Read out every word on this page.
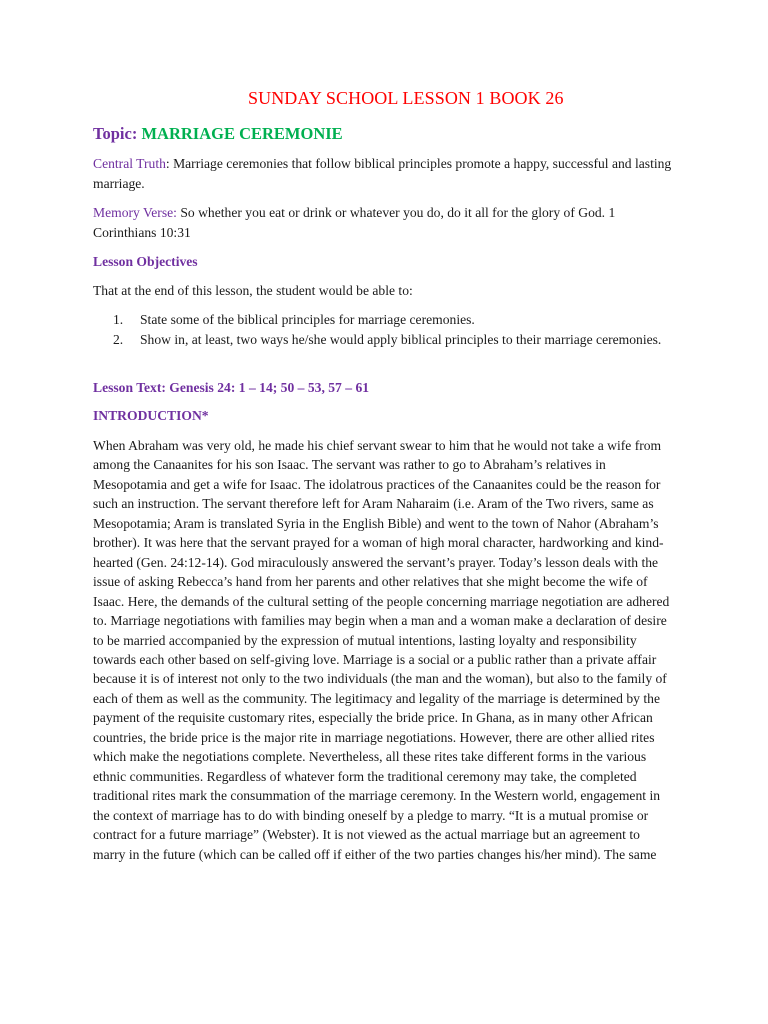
SUNDAY SCHOOL LESSON 1 BOOK 26

Topic: MARRIAGE CEREMONIE

Central Truth: Marriage ceremonies that follow biblical principles promote a happy, successful and lasting marriage.

Memory Verse: So whether you eat or drink or whatever you do, do it all for the glory of God. 1 Corinthians 10:31

Lesson Objectives

That at the end of this lesson, the student would be able to:

1. State some of the biblical principles for marriage ceremonies.
2. Show in, at least, two ways he/she would apply biblical principles to their marriage ceremonies.

Lesson Text: Genesis 24: 1 – 14; 50 – 53, 57 – 61

INTRODUCTION*

When Abraham was very old, he made his chief servant swear to him that he would not take a wife from among the Canaanites for his son Isaac. The servant was rather to go to Abraham’s relatives in Mesopotamia and get a wife for Isaac. The idolatrous practices of the Canaanites could be the reason for such an instruction. The servant therefore left for Aram Naharaim (i.e. Aram of the Two rivers, same as Mesopotamia; Aram is translated Syria in the English Bible) and went to the town of Nahor (Abraham’s brother). It was here that the servant prayed for a woman of high moral character, hardworking and kind-hearted (Gen. 24:12-14). God miraculously answered the servant’s prayer. Today’s lesson deals with the issue of asking Rebecca’s hand from her parents and other relatives that she might become the wife of Isaac. Here, the demands of the cultural setting of the people concerning marriage negotiation are adhered to. Marriage negotiations with families may begin when a man and a woman make a declaration of desire to be married accompanied by the expression of mutual intentions, lasting loyalty and responsibility towards each other based on self-giving love. Marriage is a social or a public rather than a private affair because it is of interest not only to the two individuals (the man and the woman), but also to the family of each of them as well as the community. The legitimacy and legality of the marriage is determined by the payment of the requisite customary rites, especially the bride price. In Ghana, as in many other African countries, the bride price is the major rite in marriage negotiations. However, there are other allied rites which make the negotiations complete. Nevertheless, all these rites take different forms in the various ethnic communities. Regardless of whatever form the traditional ceremony may take, the completed traditional rites mark the consummation of the marriage ceremony. In the Western world, engagement in the context of marriage has to do with binding oneself by a pledge to marry. “It is a mutual promise or contract for a future marriage” (Webster). It is not viewed as the actual marriage but an agreement to marry in the future (which can be called off if either of the two parties changes his/her mind). The same
